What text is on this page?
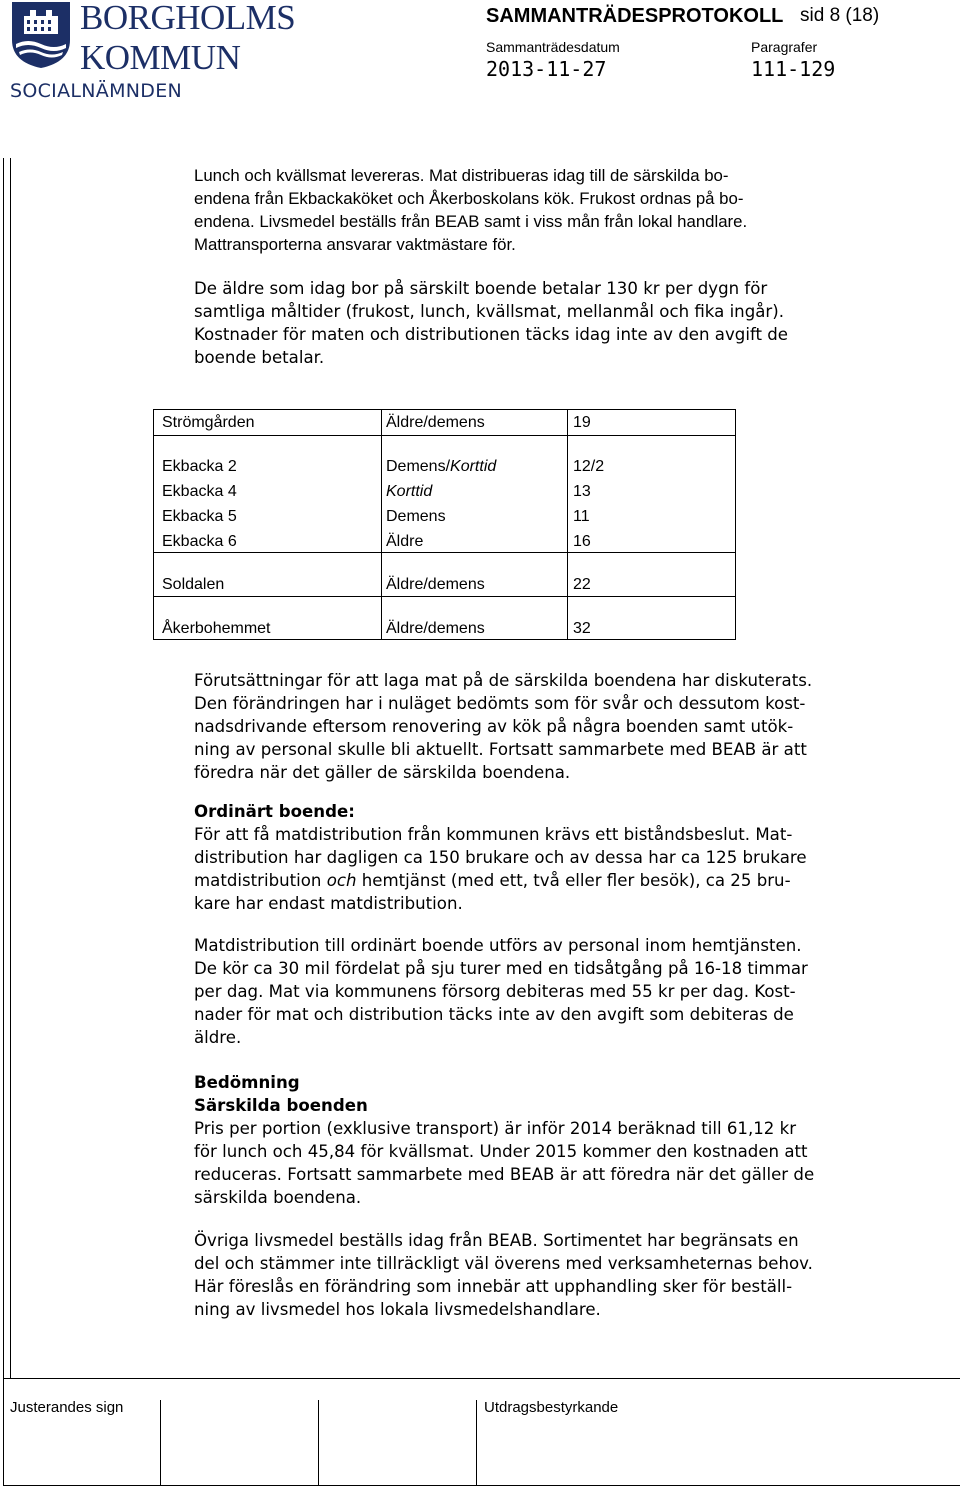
BORGHOLMS
KOMMUN
SOCIALNÄMNDEN
SAMMANTRÄDESPROTOKOLL sid 8 (18)
Sammanträdesdatum	Paragrafer
2013-11-27	111-129
Lunch och kvällsmat levereras. Mat distribueras idag till de särskilda bo-
endena från Ekbackaköket och Åkerboskolans kök. Frukost ordnas på bo-
endena. Livsmedel beställs från BEAB samt i viss mån från lokal handlare.
Mattransporterna ansvarar vaktmästare för.
De äldre som idag bor på särskilt boende betalar 130 kr per dygn för
samtliga måltider (frukost, lunch, kvällsmat, mellanmål och fika ingår).
Kostnader för maten och distributionen täcks idag inte av den avgift de
boende betalar.
Strömgården	Äldre/demens	19
Ekbacka 2	Demens/Korttid	12/2
Ekbacka 4	Korttid	13
Ekbacka 5	Demens	11
Ekbacka 6	Äldre	16
Soldalen	Äldre/demens	22
Åkerbohemmet	Äldre/demens	32
Förutsättningar för att laga mat på de särskilda boendena har diskuterats.
Den förändringen har i nuläget bedömts som för svår och dessutom kost-
nadsdrivande eftersom renovering av kök på några boenden samt utök-
ning av personal skulle bli aktuellt. Fortsatt sammarbete med BEAB är att
föredra när det gäller de särskilda boendena.
Ordinärt boende:
För att få matdistribution från kommunen krävs ett biståndsbeslut. Mat-
distribution har dagligen ca 150 brukare och av dessa har ca 125 brukare
matdistribution och hemtjänst (med ett, två eller fler besök), ca 25 bru-
kare har endast matdistribution.
Matdistribution till ordinärt boende utförs av personal inom hemtjänsten.
De kör ca 30 mil fördelat på sju turer med en tidsåtgång på 16-18 timmar
per dag. Mat via kommunens försorg debiteras med 55 kr per dag. Kost-
nader för mat och distribution täcks inte av den avgift som debiteras de
äldre.
Bedömning
Särskilda boenden
Pris per portion (exklusive transport) är inför 2014 beräknad till 61,12 kr
för lunch och 45,84 för kvällsmat. Under 2015 kommer den kostnaden att
reduceras. Fortsatt sammarbete med BEAB är att föredra när det gäller de
särskilda boendena.
Övriga livsmedel beställs idag från BEAB. Sortimentet har begränsats en
del och stämmer inte tillräckligt väl överens med verksamheternas behov.
Här föreslås en förändring som innebär att upphandling sker för beställ-
ning av livsmedel hos lokala livsmedelshandlare.
Justerandes sign	Utdragsbestyrkande
